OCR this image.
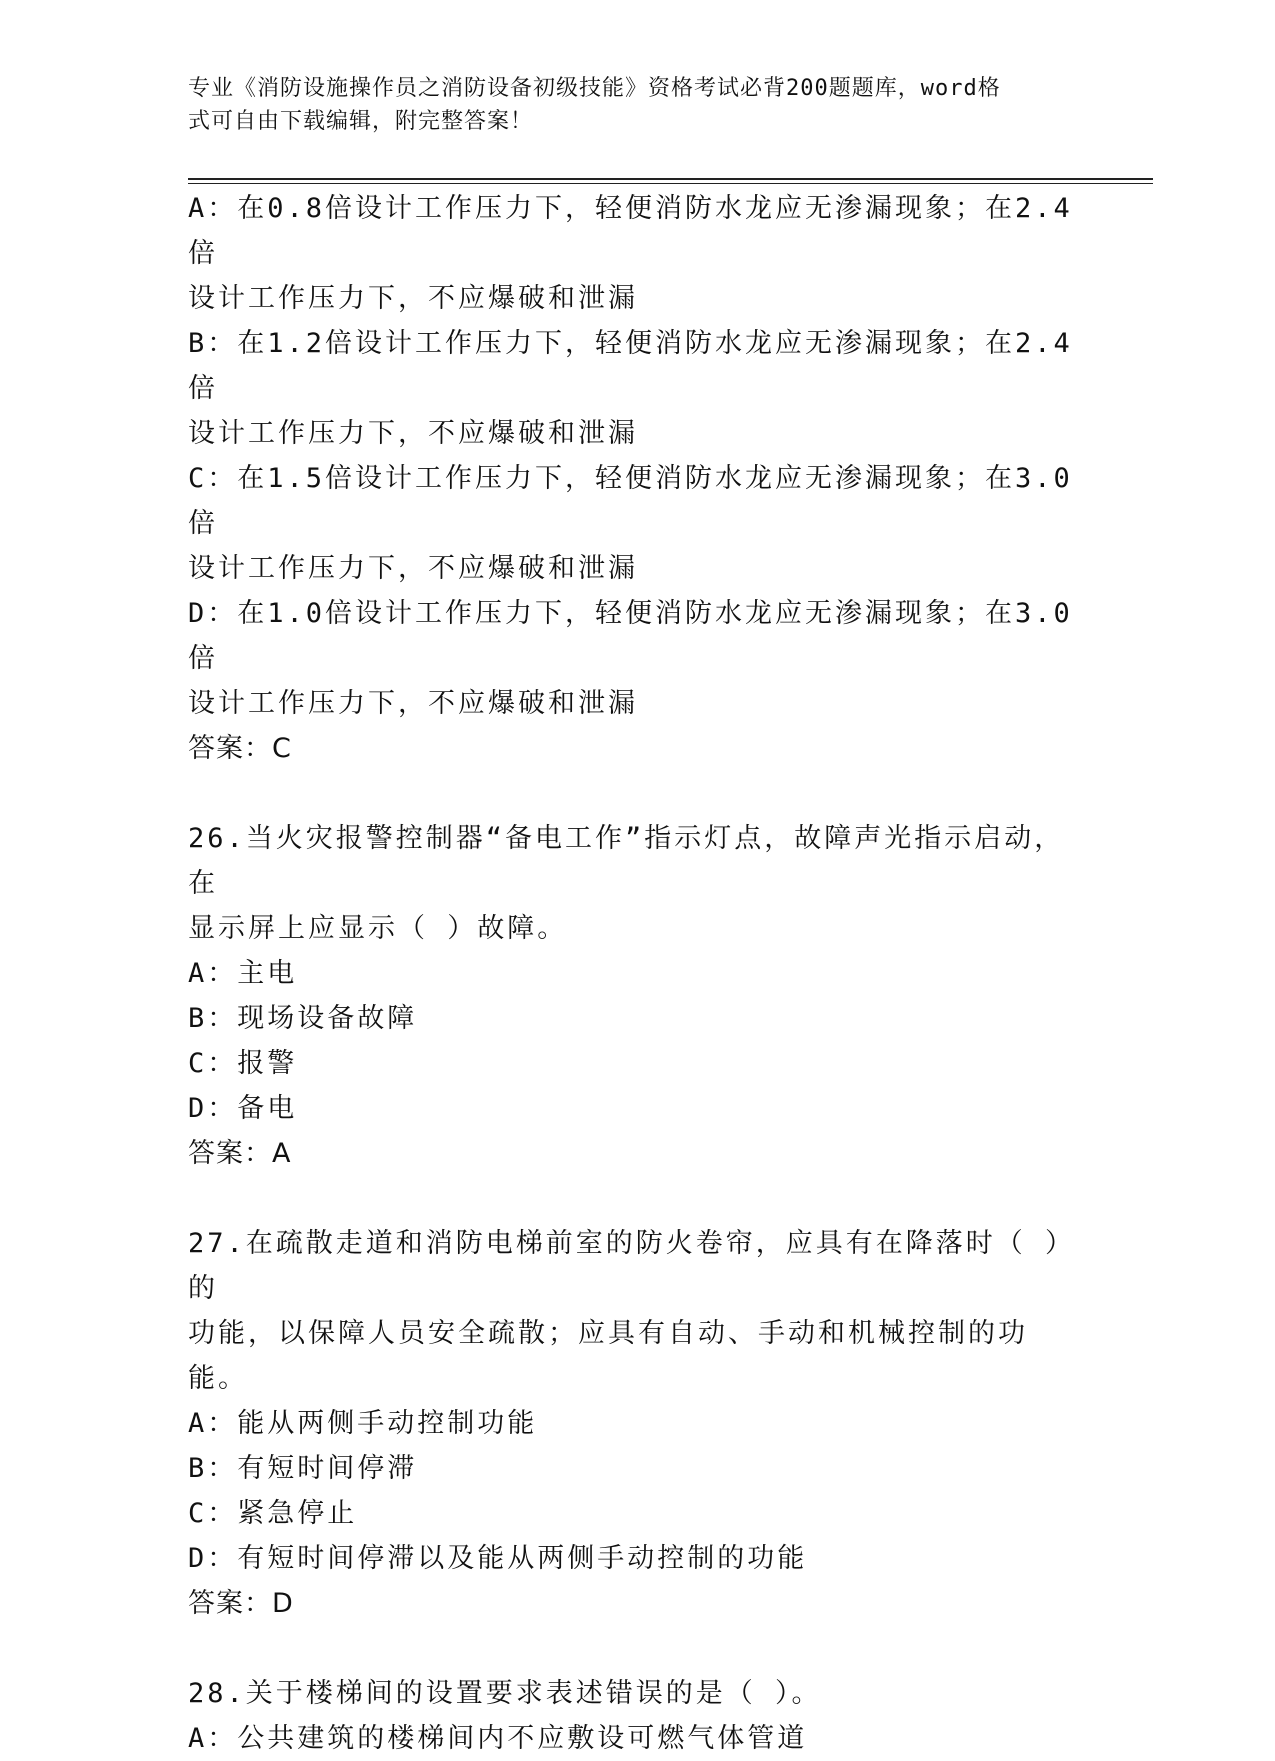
专业《消防设施操作员之消防设备初级技能》资格考试必背200题题库，word格
式可自由下载编辑，附完整答案！
A：在0.8倍设计工作压力下，轻便消防水龙应无渗漏现象；在2.4倍
设计工作压力下，不应爆破和泄漏
B：在1.2倍设计工作压力下，轻便消防水龙应无渗漏现象；在2.4倍
设计工作压力下，不应爆破和泄漏
C：在1.5倍设计工作压力下，轻便消防水龙应无渗漏现象；在3.0倍
设计工作压力下，不应爆破和泄漏
D：在1.0倍设计工作压力下，轻便消防水龙应无渗漏现象；在3.0倍
设计工作压力下，不应爆破和泄漏
答案：C
26.当火灾报警控制器“备电工作”指示灯点，故障声光指示启动，在
显示屏上应显示（ ）故障。
A：主电
B：现场设备故障
C：报警
D：备电
答案：A
27.在疏散走道和消防电梯前室的防火卷帘，应具有在降落时（ ）的
功能，以保障人员安全疏散；应具有自动、手动和机械控制的功能。
A：能从两侧手动控制功能
B：有短时间停滞
C：紧急停止
D：有短时间停滞以及能从两侧手动控制的功能
答案：D
28.关于楼梯间的设置要求表述错误的是（ ）。
A：公共建筑的楼梯间内不应敷设可燃气体管道
